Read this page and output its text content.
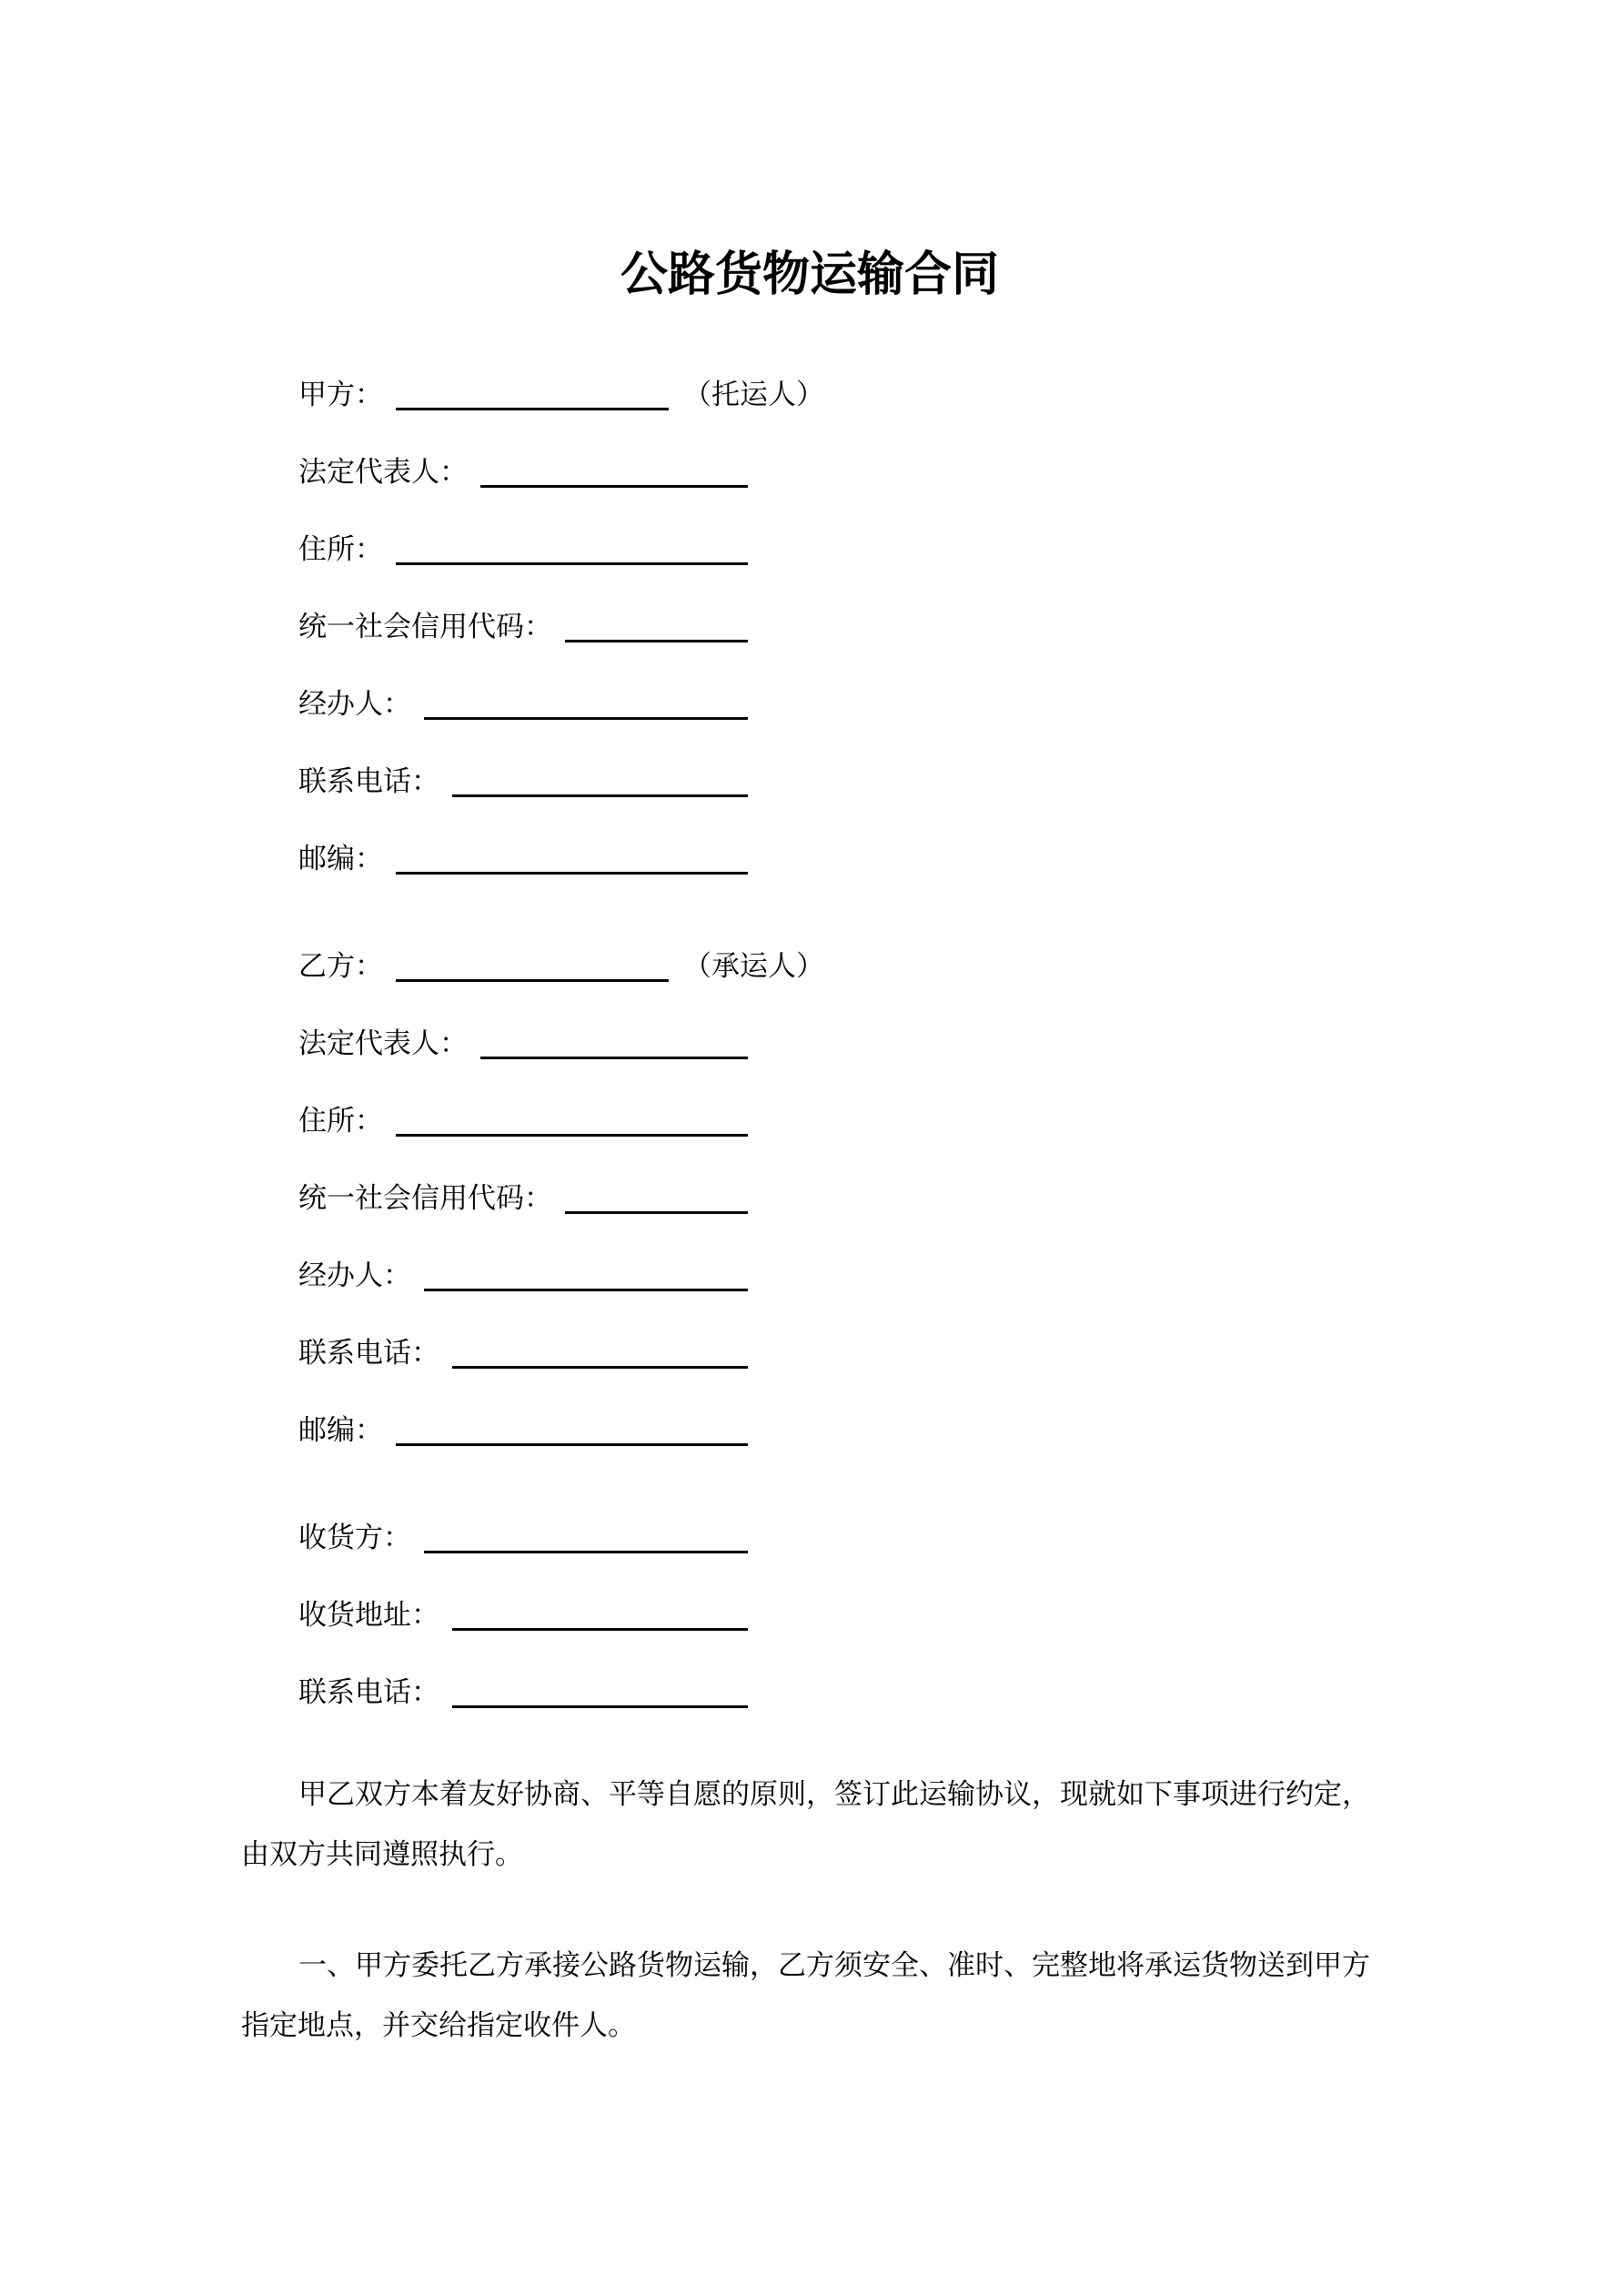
公路货物运输合同
甲方：	（托运人）
法定代表人：
住所：
统一社会信用代码：
经办人：
联系电话：
邮编：
乙方：	（承运人）
法定代表人：
住所：
统一社会信用代码：
经办人：
联系电话：
邮编：
收货方：
收货地址：
联系电话：

甲乙双方本着友好协商、平等自愿的原则，签订此运输协议，现就如下事项进行约定，
由双方共同遵照执行。

一、甲方委托乙方承接公路货物运输，乙方须安全、准时、完整地将承运货物送到甲方
指定地点，并交给指定收件人。
